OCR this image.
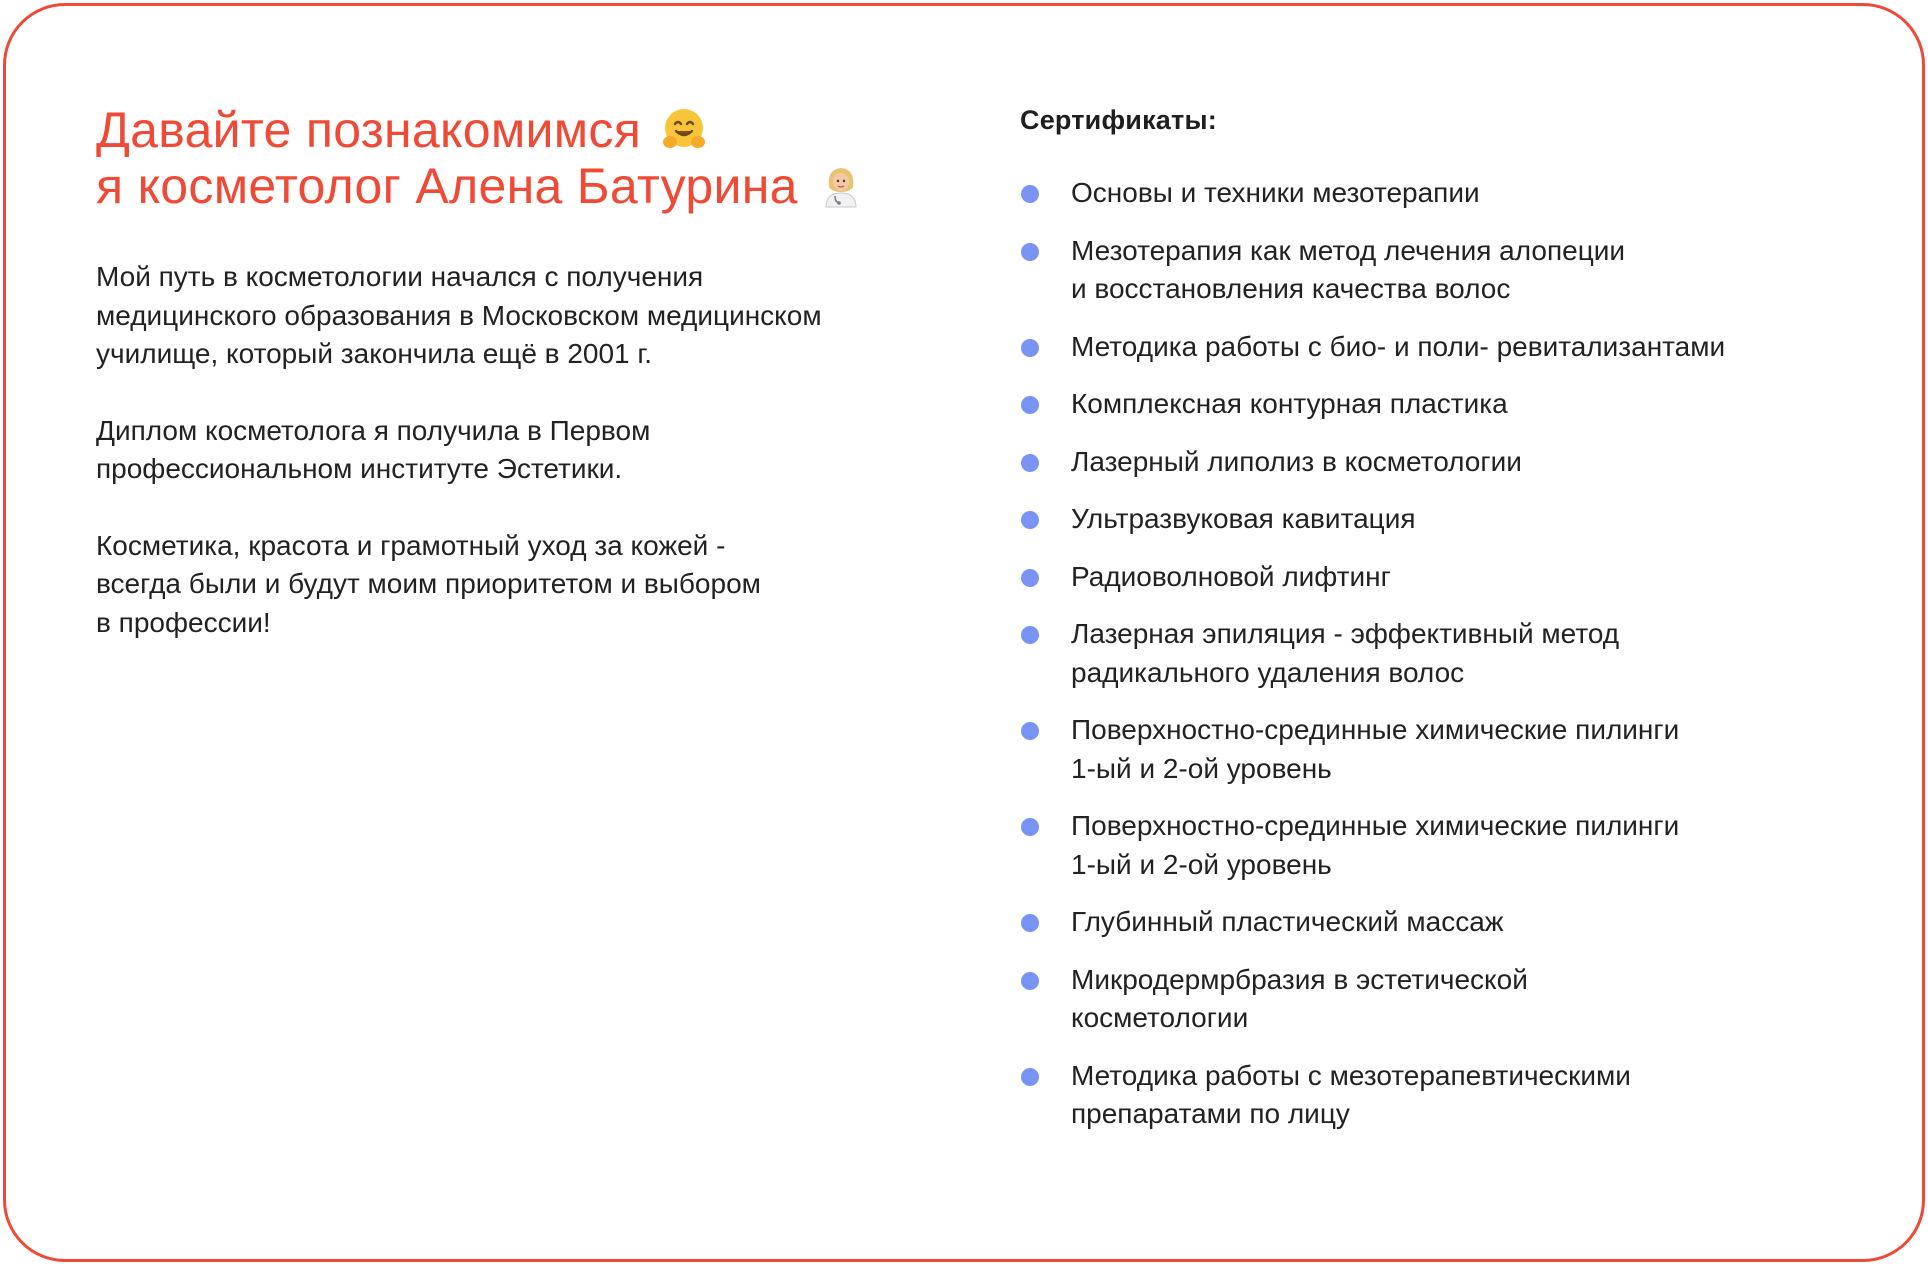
Давайте познакомимся
я косметолог Алена Батурина

Мой путь в косметологии начался с получения
медицинского образования в Московском медицинском
училище, который закончила ещё в 2001 г.

Диплом косметолога я получила в Первом
профессиональном институте Эстетики.

Косметика, красота и грамотный уход за кожей -
всегда были и будут моим приоритетом и выбором
в профессии!

Сертификаты:
Основы и техники мезотерапии
Мезотерапия как метод лечения алопеции
и восстановления качества волос
Методика работы с био- и поли- ревитализантами
Комплексная контурная пластика
Лазерный липолиз в косметологии
Ультразвуковая кавитация
Радиоволновой лифтинг
Лазерная эпиляция - эффективный метод
радикального удаления волос
Поверхностно-срединные химические пилинги
1-ый и 2-ой уровень
Поверхностно-срединные химические пилинги
1-ый и 2-ой уровень
Глубинный пластический массаж
Микродермрбразия в эстетической
косметологии
Методика работы с мезотерапевтическими
препаратами по лицу
